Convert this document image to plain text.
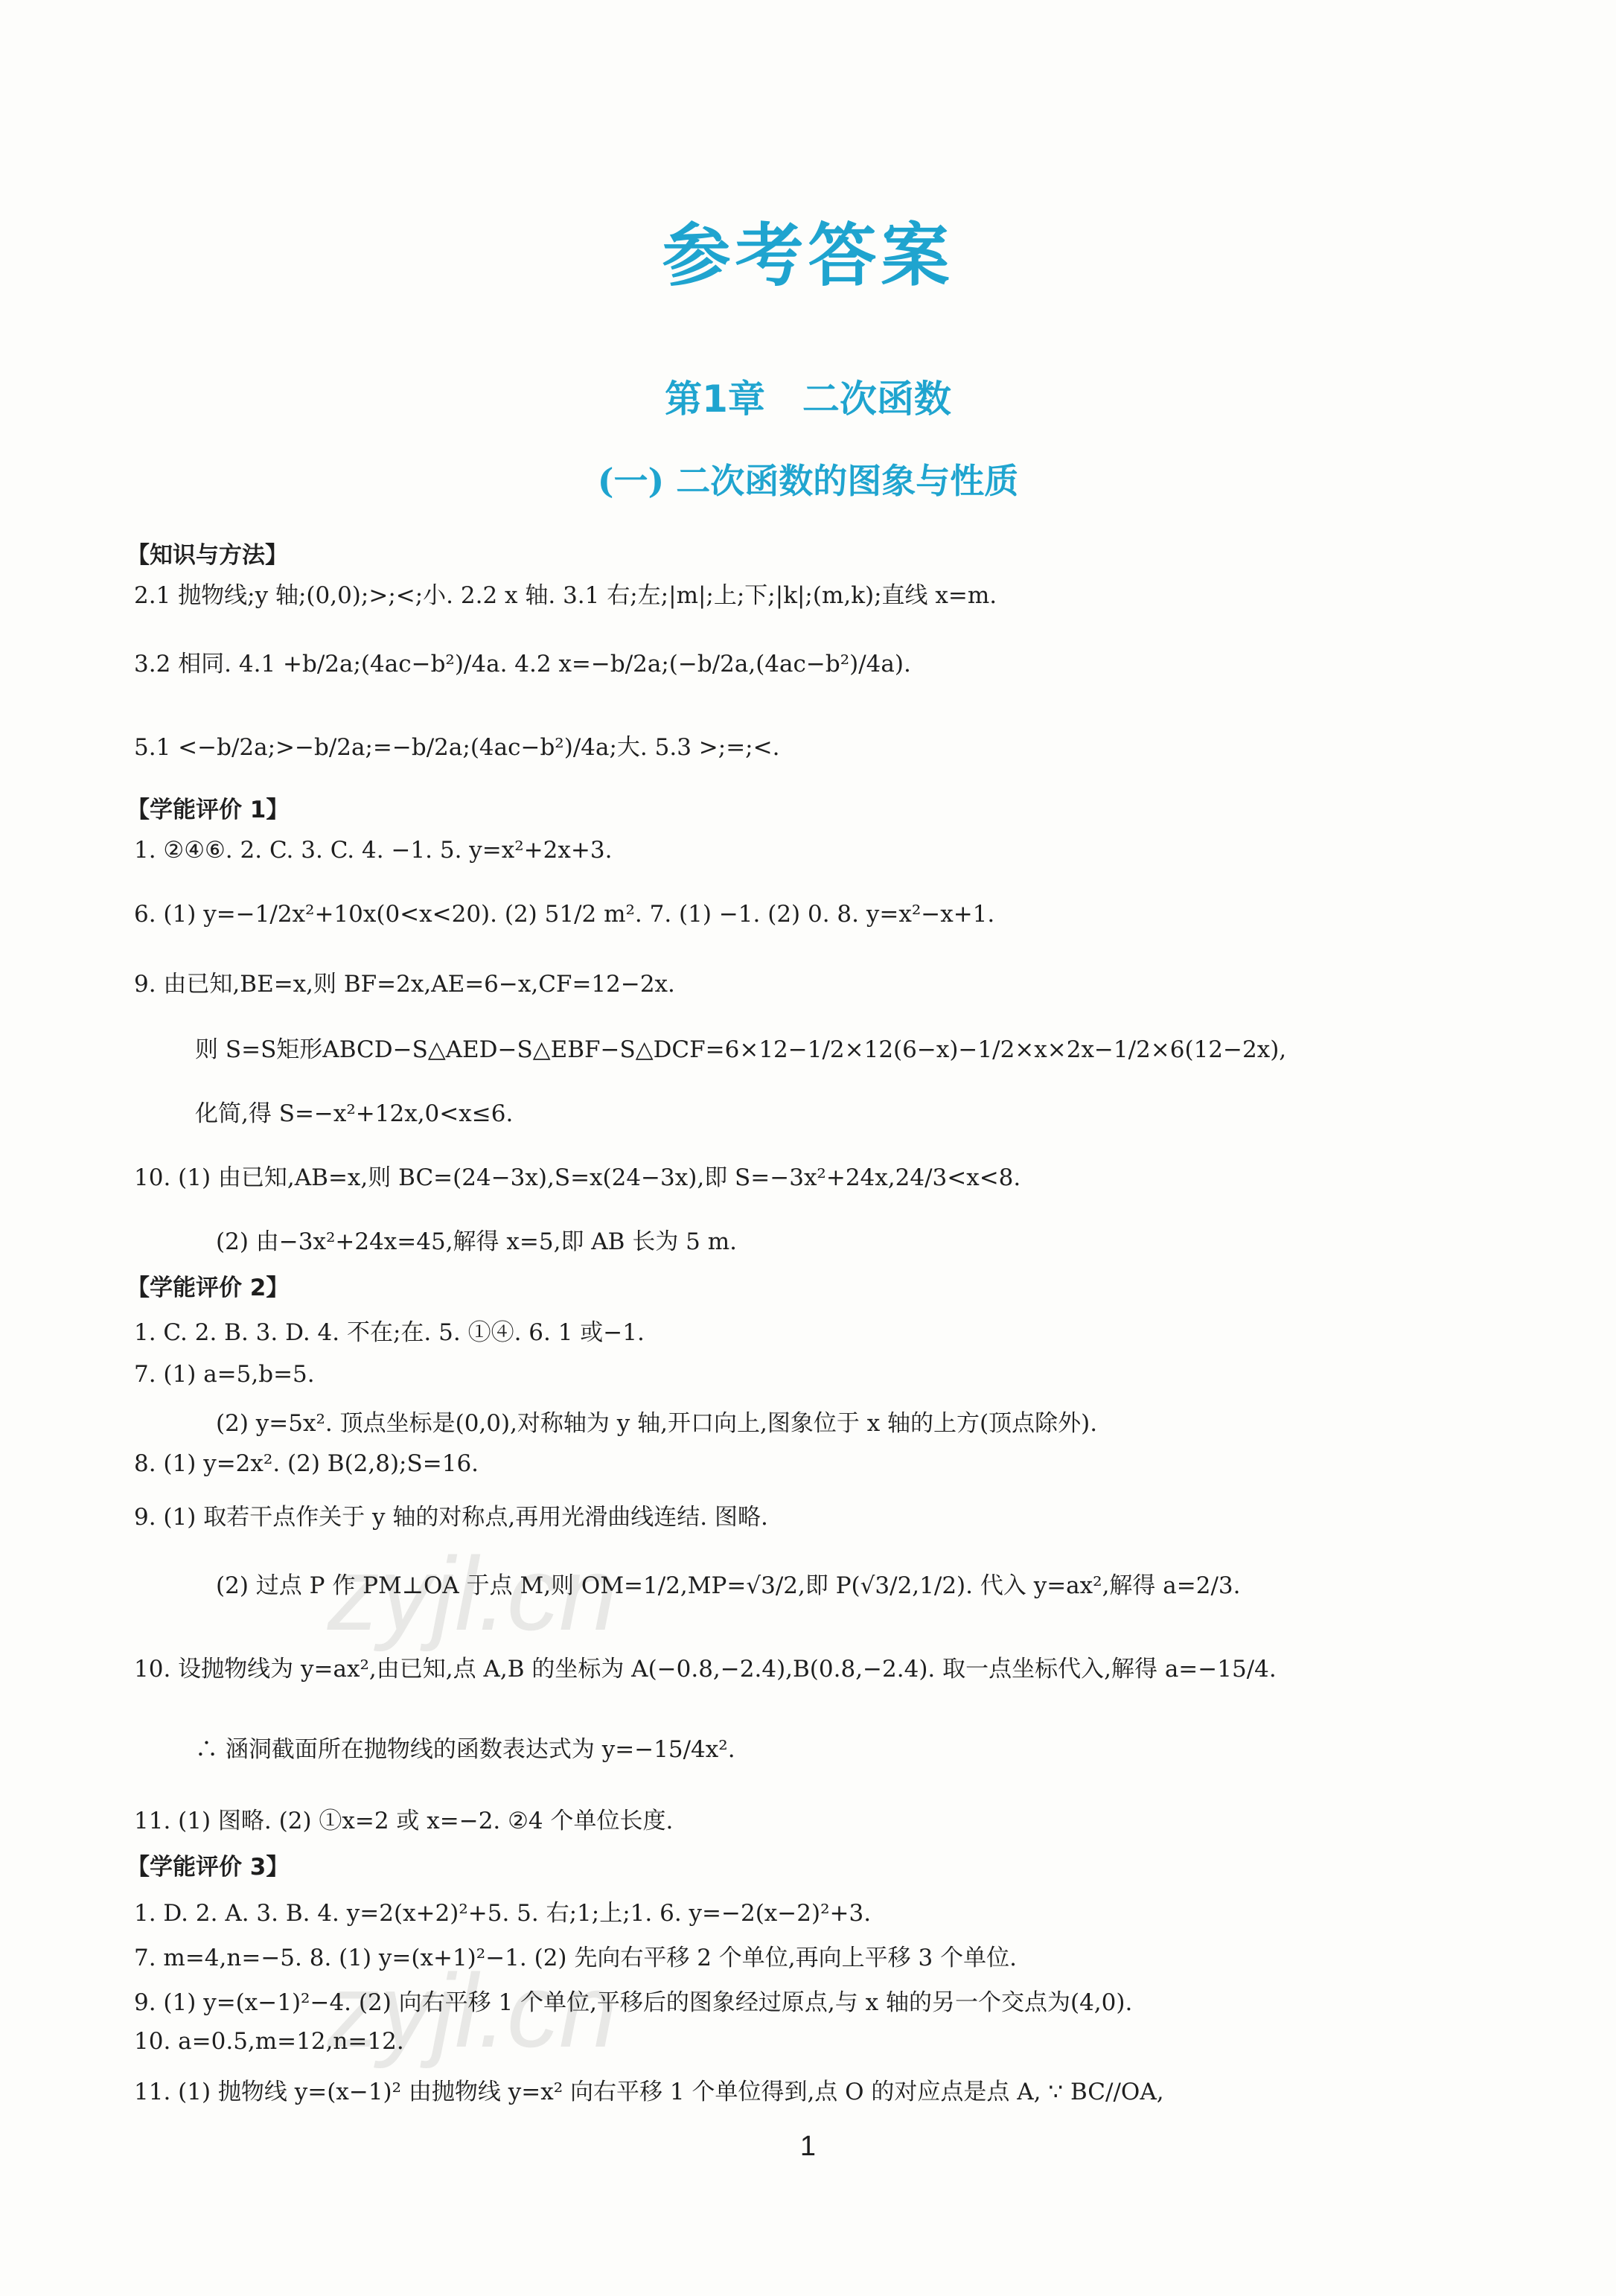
参考答案
第1章　二次函数
(一) 二次函数的图象与性质
【知识与方法】
2.1 抛物线;y 轴;(0,0);>;<;小. 2.2 x 轴. 3.1 右;左;|m|;上;下;|k|;(m,k);直线 x=m.
3.2 相同. 4.1 +b/2a;(4ac−b²)/4a. 4.2 x=−b/2a;(−b/2a,(4ac−b²)/4a).
5.1 <−b/2a;>−b/2a;=−b/2a;(4ac−b²)/4a;大. 5.3 >;=;<.
【学能评价 1】
1. ②④⑥. 2. C. 3. C. 4. −1. 5. y=x²+2x+3.
6. (1) y=−1/2x²+10x(0<x<20). (2) 51/2 m². 7. (1) −1. (2) 0. 8. y=x²−x+1.
9. 由已知,BE=x,则 BF=2x,AE=6−x,CF=12−2x.
则 S=S矩形ABCD−S△AED−S△EBF−S△DCF=6×12−1/2×12(6−x)−1/2×x×2x−1/2×6(12−2x),
化简,得 S=−x²+12x,0<x≤6.
10. (1) 由已知,AB=x,则 BC=(24−3x),S=x(24−3x),即 S=−3x²+24x,24/3<x<8.
(2) 由−3x²+24x=45,解得 x=5,即 AB 长为 5 m.
【学能评价 2】
1. C. 2. B. 3. D. 4. 不在;在. 5. ①④. 6. 1 或−1.
7. (1) a=5,b=5.
(2) y=5x². 顶点坐标是(0,0),对称轴为 y 轴,开口向上,图象位于 x 轴的上方(顶点除外).
8. (1) y=2x². (2) B(2,8);S=16.
9. (1) 取若干点作关于 y 轴的对称点,再用光滑曲线连结. 图略.
(2) 过点 P 作 PM⊥OA 于点 M,则 OM=1/2,MP=√3/2,即 P(√3/2,1/2). 代入 y=ax²,解得 a=2/3.
10. 设抛物线为 y=ax²,由已知,点 A,B 的坐标为 A(−0.8,−2.4),B(0.8,−2.4). 取一点坐标代入,解得 a=−15/4.
∴ 涵洞截面所在抛物线的函数表达式为 y=−15/4x².
11. (1) 图略. (2) ①x=2 或 x=−2. ②4 个单位长度.
【学能评价 3】
1. D. 2. A. 3. B. 4. y=2(x+2)²+5. 5. 右;1;上;1. 6. y=−2(x−2)²+3.
7. m=4,n=−5. 8. (1) y=(x+1)²−1. (2) 先向右平移 2 个单位,再向上平移 3 个单位.
9. (1) y=(x−1)²−4. (2) 向右平移 1 个单位,平移后的图象经过原点,与 x 轴的另一个交点为(4,0).
10. a=0.5,m=12,n=12.
11. (1) 抛物线 y=(x−1)² 由抛物线 y=x² 向右平移 1 个单位得到,点 O 的对应点是点 A, ∵ BC//OA,
1
zyjl.cn
zyjl.cn
